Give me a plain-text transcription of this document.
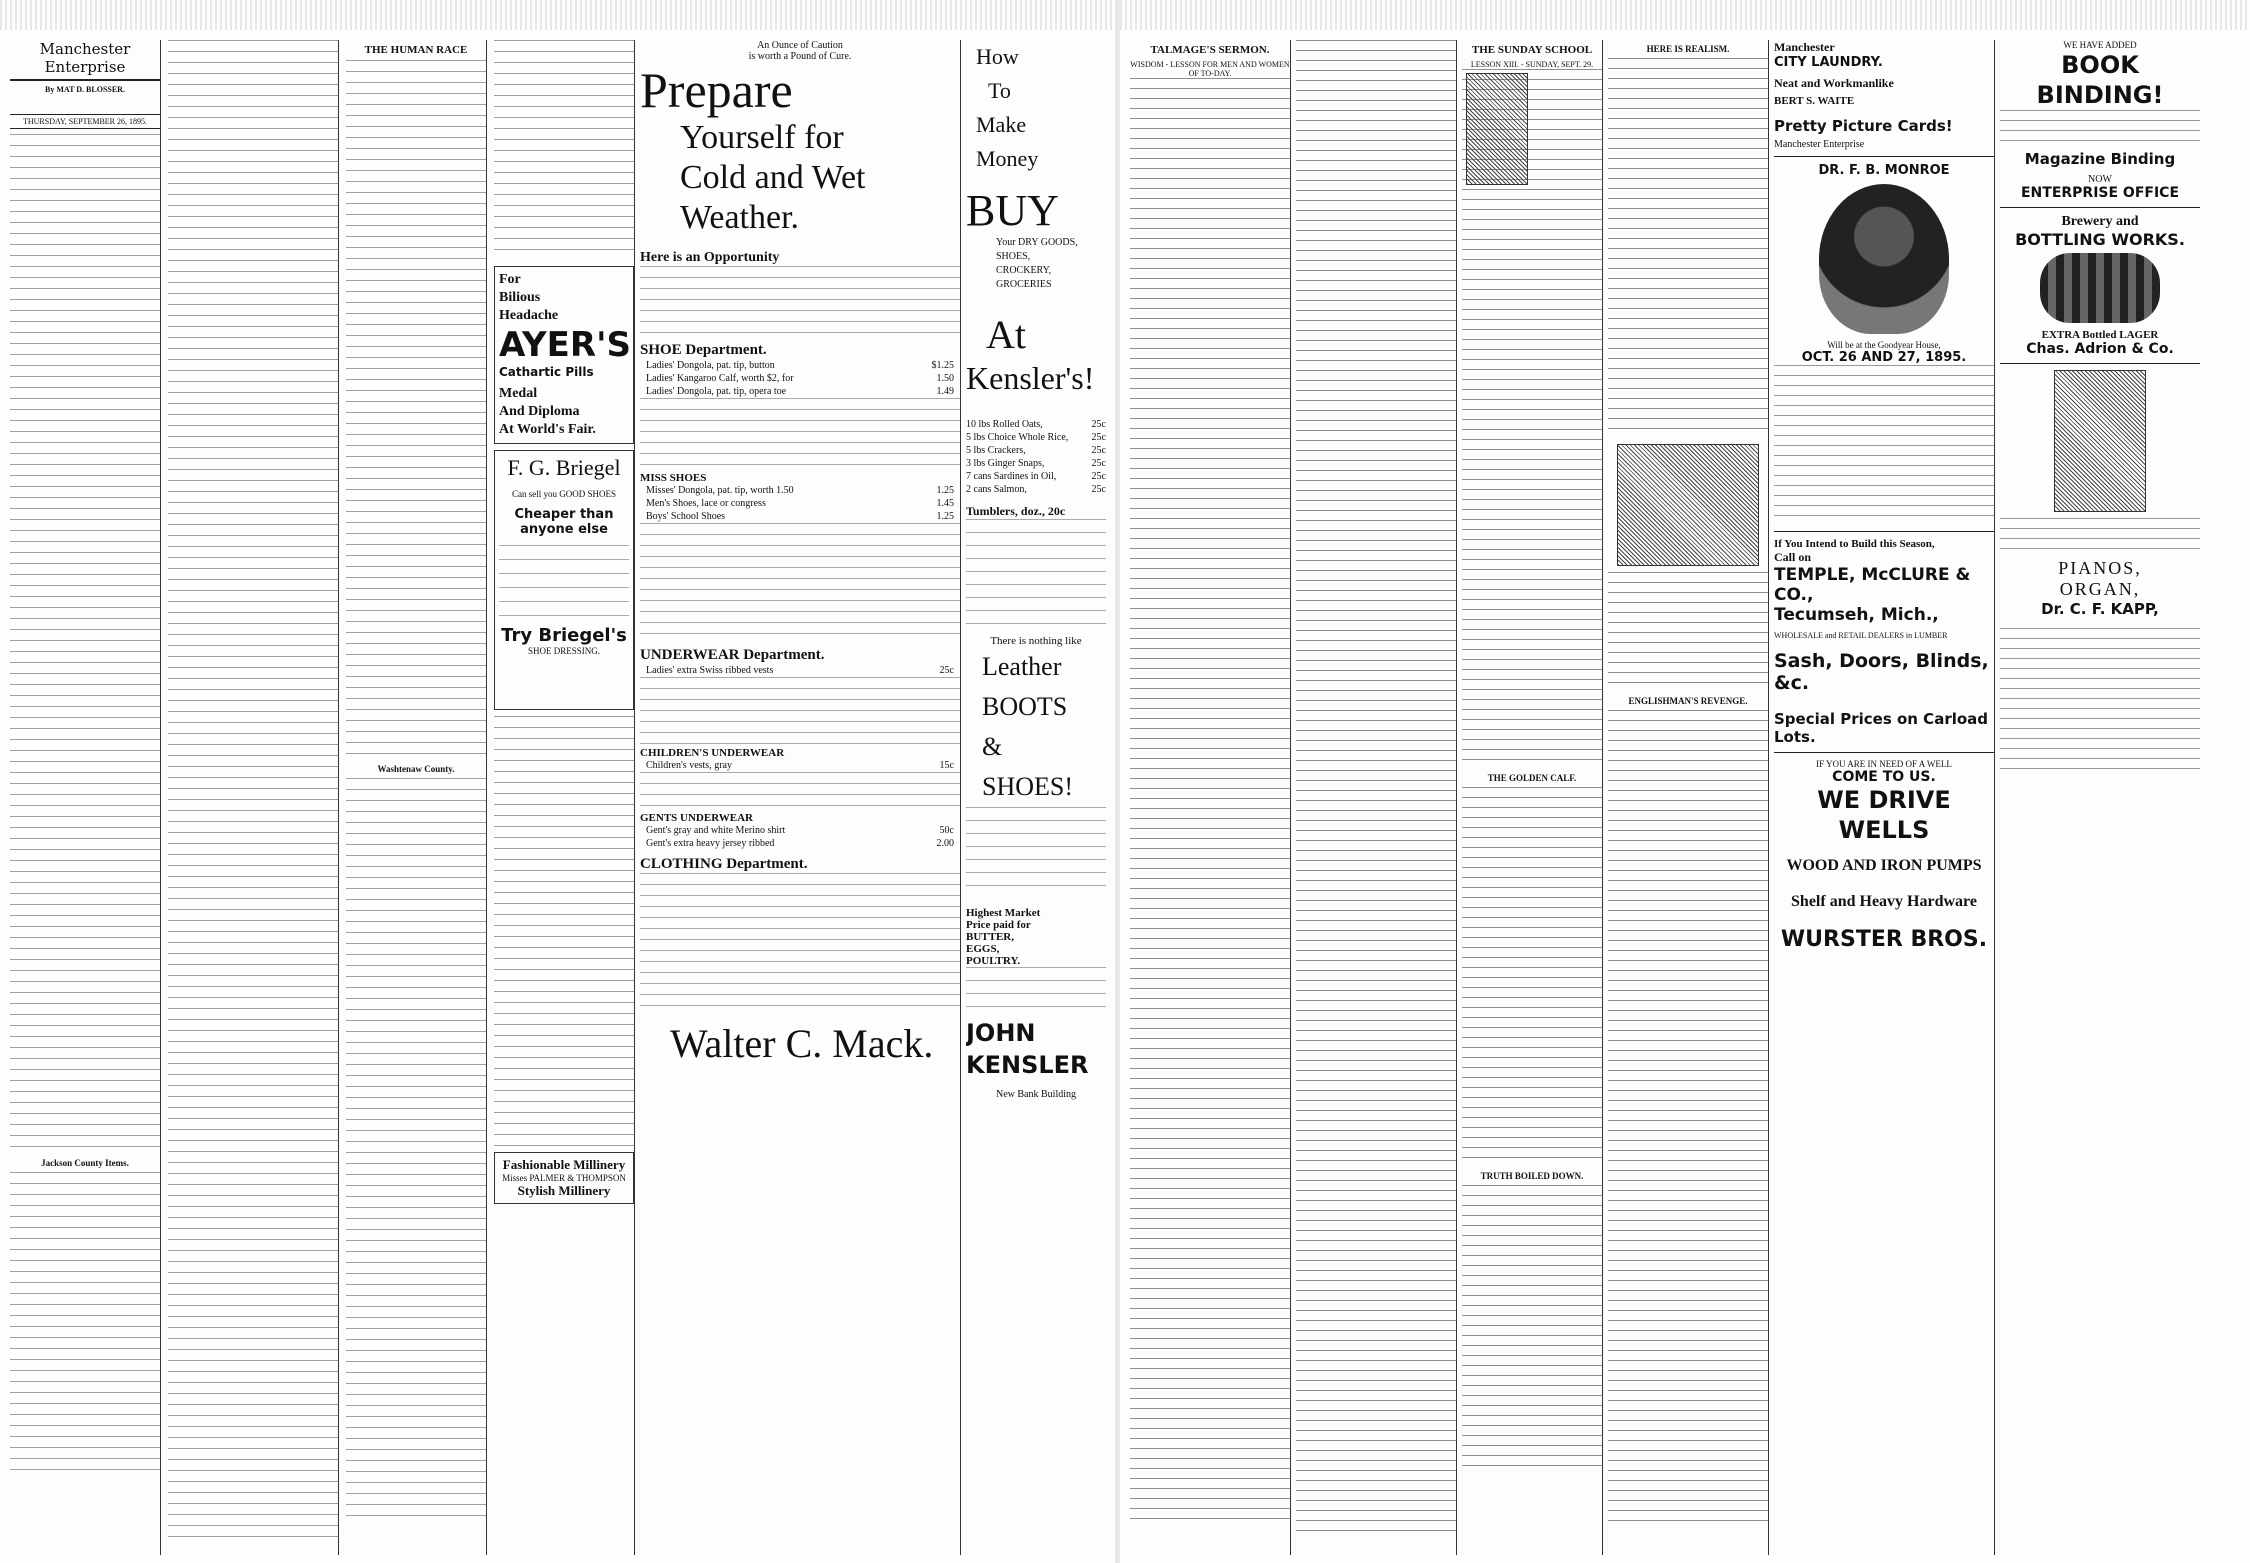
Manchester Enterprise
By MAT D. BLOSSER.

THURSDAY, SEPTEMBER 26, 1895.
Jackson County Items.
THE HUMAN RACE
Washtenaw County.
For
Bilious
Headache
AYER'S
Cathartic Pills
Medal
And Diploma
At World's Fair.
F. G. Briegel
Can sell you GOOD SHOES
Cheaper than anyone else
Try Briegel's
SHOE DRESSING.
Fashionable Millinery
Misses PALMER & THOMPSON
Stylish Millinery
An Ounce of Caution
is worth a Pound of Cure.
Prepare
Yourself for
Cold and Wet
Weather.
Here is an Opportunity
SHOE Department.
Ladies' Dongola, pat. tip, button	$1.25
Ladies' Kangaroo Calf, worth $2, for	1.50
Ladies' Dongola, pat. tip, opera toe	1.49
MISS SHOES
Misses' Dongola, pat. tip, worth 1.50	1.25
Men's Shoes, lace or congress	1.45
Boys' School Shoes	1.25
UNDERWEAR Department.
Ladies' extra Swiss ribbed vests	25c
CHILDREN'S UNDERWEAR
Children's vests, gray	15c
GENTS UNDERWEAR
Gent's gray and white Merino shirt	50c
Gent's extra heavy jersey ribbed	2.00
CLOTHING Department.
Walter C. Mack.
How
To
Make
Money
BUY
Your DRY GOODS,
SHOES,
CROCKERY,
GROCERIES
At
Kensler's!
10 lbs Rolled Oats,	25c
5 lbs Choice Whole Rice, 25c
5 lbs Crackers,	25c
3 lbs Ginger Snaps,	25c
7 cans Sardines in Oil,	25c
2 cans Salmon,	25c
Tumblers, doz., 20c
There is nothing like
Leather
BOOTS
&
SHOES!
Highest Market
Price paid for
BUTTER,
EGGS,
POULTRY.
JOHN
KENSLER
New Bank Building
TALMAGE'S SERMON.
WISDOM - LESSON FOR MEN AND WOMEN OF TO-DAY.
THE SUNDAY SCHOOL
LESSON XIII. - SUNDAY, SEPT. 29.
THE GOLDEN CALF.
TRUTH BOILED DOWN.
HERE IS REALISM.
ENGLISHMAN'S REVENGE.
Manchester
CITY LAUNDRY.
Neat and Workmanlike
BERT S. WAITE
Pretty Picture Cards!
Manchester Enterprise
DR. F. B. MONROE
Will be at the Goodyear House,
OCT. 26 AND 27, 1895.
If You Intend to Build this Season,
Call on
TEMPLE, McCLURE & CO.,
Tecumseh, Mich.,
WHOLESALE and RETAIL DEALERS in LUMBER
Sash, Doors, Blinds, &c.
Special Prices on Carload Lots.
IF YOU ARE IN NEED OF A WELL
COME TO US.
WE DRIVE WELLS
WOOD AND IRON PUMPS
Shelf and Heavy Hardware
WURSTER BROS.
WE HAVE ADDED
BOOK BINDING!
Magazine Binding
NOW
ENTERPRISE OFFICE
Brewery and
BOTTLING WORKS.
EXTRA Bottled LAGER
Chas. Adrion & Co.
PIANOS,
ORGAN,
Dr. C. F. KAPP,
